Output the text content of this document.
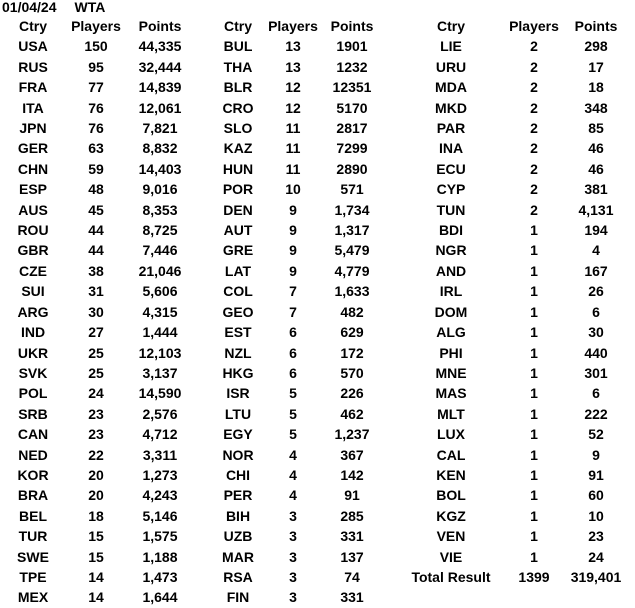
01/04/24 WTA
Ctry	Players	Points
USA	150	44,335
RUS	95	32,444
FRA	77	14,839
ITA	76	12,061
JPN	76	7,821
GER	63	8,832
CHN	59	14,403
ESP	48	9,016
AUS	45	8,353
ROU	44	8,725
GBR	44	7,446
CZE	38	21,046
SUI	31	5,606
ARG	30	4,315
IND	27	1,444
UKR	25	12,103
SVK	25	3,137
POL	24	14,590
SRB	23	2,576
CAN	23	4,712
NED	22	3,311
KOR	20	1,273
BRA	20	4,243
BEL	18	5,146
TUR	15	1,575
SWE	15	1,188
TPE	14	1,473
MEX	14	1,644
Ctry	Players	Points
BUL	13	1901
THA	13	1232
BLR	12	12351
CRO	12	5170
SLO	11	2817
KAZ	11	7299
HUN	11	2890
POR	10	571
DEN	9	1,734
AUT	9	1,317
GRE	9	5,479
LAT	9	4,779
COL	7	1,633
GEO	7	482
EST	6	629
NZL	6	172
HKG	6	570
ISR	5	226
LTU	5	462
EGY	5	1,237
NOR	4	367
CHI	4	142
PER	4	91
BIH	3	285
UZB	3	331
MAR	3	137
RSA	3	74
FIN	3	331
Ctry	Players	Points
LIE	2	298
URU	2	17
MDA	2	18
MKD	2	348
PAR	2	85
INA	2	46
ECU	2	46
CYP	2	381
TUN	2	4,131
BDI	1	194
NGR	1	4
AND	1	167
IRL	1	26
DOM	1	6
ALG	1	30
PHI	1	440
MNE	1	301
MAS	1	6
MLT	1	222
LUX	1	52
CAL	1	9
KEN	1	91
BOL	1	60
KGZ	1	10
VEN	1	23
VIE	1	24
Total Result	1399	319,401
